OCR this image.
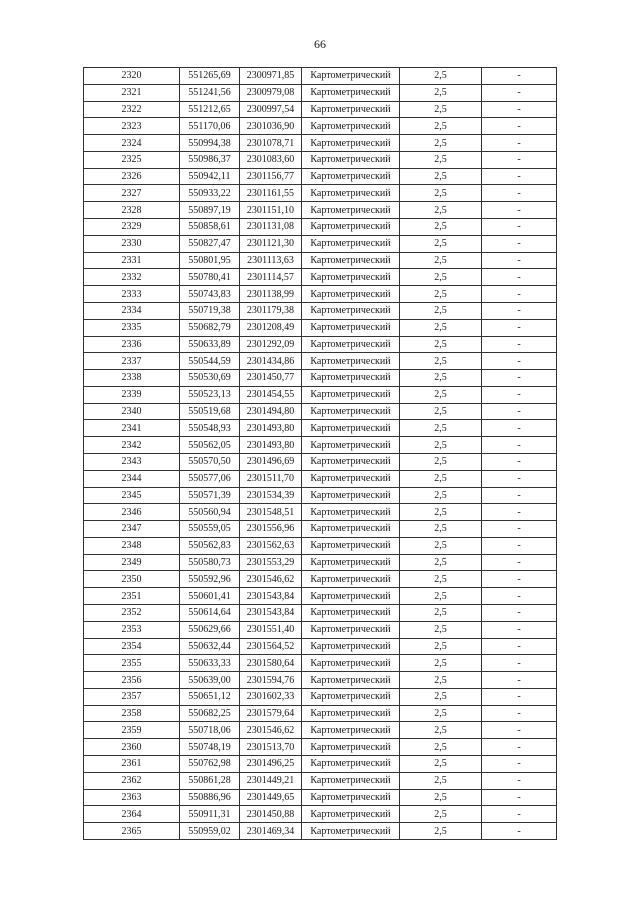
66
2320	551265,69	2300971,85	Картометрический	2,5	-
2321	551241,56	2300979,08	Картометрический	2,5	-
2322	551212,65	2300997,54	Картометрический	2,5	-
2323	551170,06	2301036,90	Картометрический	2,5	-
2324	550994,38	2301078,71	Картометрический	2,5	-
2325	550986,37	2301083,60	Картометрический	2,5	-
2326	550942,11	2301156,77	Картометрический	2,5	-
2327	550933,22	2301161,55	Картометрический	2,5	-
2328	550897,19	2301151,10	Картометрический	2,5	-
2329	550858,61	2301131,08	Картометрический	2,5	-
2330	550827,47	2301121,30	Картометрический	2,5	-
2331	550801,95	2301113,63	Картометрический	2,5	-
2332	550780,41	2301114,57	Картометрический	2,5	-
2333	550743,83	2301138,99	Картометрический	2,5	-
2334	550719,38	2301179,38	Картометрический	2,5	-
2335	550682,79	2301208,49	Картометрический	2,5	-
2336	550633,89	2301292,09	Картометрический	2,5	-
2337	550544,59	2301434,86	Картометрический	2,5	-
2338	550530,69	2301450,77	Картометрический	2,5	-
2339	550523,13	2301454,55	Картометрический	2,5	-
2340	550519,68	2301494,80	Картометрический	2,5	-
2341	550548,93	2301493,80	Картометрический	2,5	-
2342	550562,05	2301493,80	Картометрический	2,5	-
2343	550570,50	2301496,69	Картометрический	2,5	-
2344	550577,06	2301511,70	Картометрический	2,5	-
2345	550571,39	2301534,39	Картометрический	2,5	-
2346	550560,94	2301548,51	Картометрический	2,5	-
2347	550559,05	2301556,96	Картометрический	2,5	-
2348	550562,83	2301562,63	Картометрический	2,5	-
2349	550580,73	2301553,29	Картометрический	2,5	-
2350	550592,96	2301546,62	Картометрический	2,5	-
2351	550601,41	2301543,84	Картометрический	2,5	-
2352	550614,64	2301543,84	Картометрический	2,5	-
2353	550629,66	2301551,40	Картометрический	2,5	-
2354	550632,44	2301564,52	Картометрический	2,5	-
2355	550633,33	2301580,64	Картометрический	2,5	-
2356	550639,00	2301594,76	Картометрический	2,5	-
2357	550651,12	2301602,33	Картометрический	2,5	-
2358	550682,25	2301579,64	Картометрический	2,5	-
2359	550718,06	2301546,62	Картометрический	2,5	-
2360	550748,19	2301513,70	Картометрический	2,5	-
2361	550762,98	2301496,25	Картометрический	2,5	-
2362	550861,28	2301449,21	Картометрический	2,5	-
2363	550886,96	2301449,65	Картометрический	2,5	-
2364	550911,31	2301450,88	Картометрический	2,5	-
2365	550959,02	2301469,34	Картометрический	2,5	-
